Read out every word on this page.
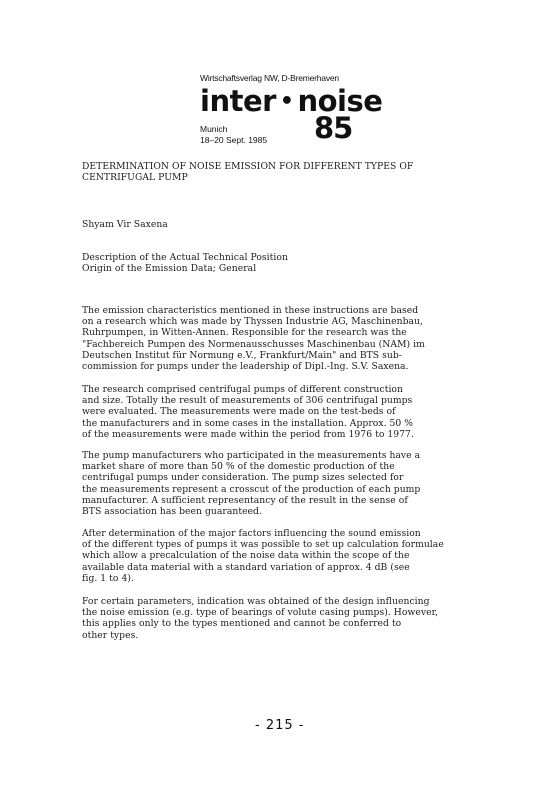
Wirtschaftsverlag NW, D-Bremerhaven
inter • noise
Munich
18–20 Sept. 1985 85
DETERMINATION OF NOISE EMISSION FOR DIFFERENT TYPES OF
CENTRIFUGAL PUMP
Shyam Vir Saxena
Description of the Actual Technical Position
Origin of the Emission Data; General
The emission characteristics mentioned in these instructions are based
on a research which was made by Thyssen Industrie AG, Maschinenbau,
Ruhrpumpen, in Witten-Annen. Responsible for the research was the
"Fachbereich Pumpen des Normenausschusses Maschinenbau (NAM) im
Deutschen Institut für Normung e.V., Frankfurt/Main" and BTS sub-
commission for pumps under the leadership of Dipl.-Ing. S.V. Saxena.
The research comprised centrifugal pumps of different construction
and size. Totally the result of measurements of 306 centrifugal pumps
were evaluated. The measurements were made on the test-beds of
the manufacturers and in some cases in the installation. Approx. 50 %
of the measurements were made within the period from 1976 to 1977.
The pump manufacturers who participated in the measurements have a
market share of more than 50 % of the domestic production of the
centrifugal pumps under consideration. The pump sizes selected for
the measurements represent a crosscut of the production of each pump
manufacturer. A sufficient representancy of the result in the sense of
BTS association has been guaranteed.
After determination of the major factors influencing the sound emission
of the different types of pumps it was possible to set up calculation formulae
which allow a precalculation of the noise data within the scope of the
available data material with a standard variation of approx. 4 dB (see
fig. 1 to 4).
For certain parameters, indication was obtained of the design influencing
the noise emission (e.g. type of bearings of volute casing pumps). However,
this applies only to the types mentioned and cannot be conferred to
other types.
- 215 -
